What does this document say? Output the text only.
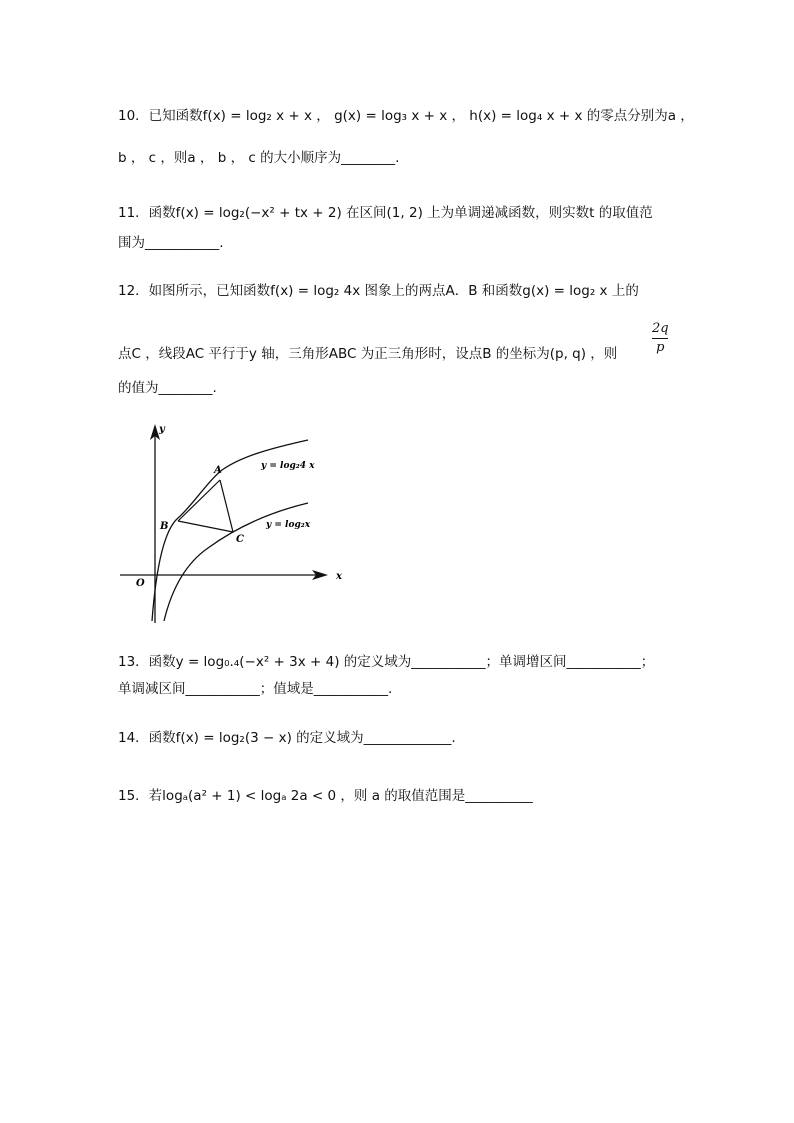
10．已知函数f(x) = log₂ x + x ， g(x) = log₃ x + x ， h(x) = log₄ x + x 的零点分别为a ，
b ， c ，则a ， b ， c 的大小顺序为________.
11．函数f(x) = log₂(−x² + tx + 2) 在区间(1, 2) 上为单调递减函数，则实数t 的取值范
围为___________.
12．如图所示，已知函数f(x) = log₂ 4x 图象上的两点A．B 和函数g(x) = log₂ x 上的
点C ，线段AC 平行于y 轴，三角形ABC 为正三角形时，设点B 的坐标为(p, q) ，则
2q
p
的值为________.
y
x
O
A
B
C
y = log₂4 x
y = log₂x
13．函数y = log₀.₄(−x² + 3x + 4) 的定义域为___________；单调增区间___________；
单调减区间___________；值域是___________.
14．函数f(x) = log₂(3 − x) 的定义域为_____________.
15．若logₐ(a² + 1) < logₐ 2a < 0 ，则 a 的取值范围是__________
